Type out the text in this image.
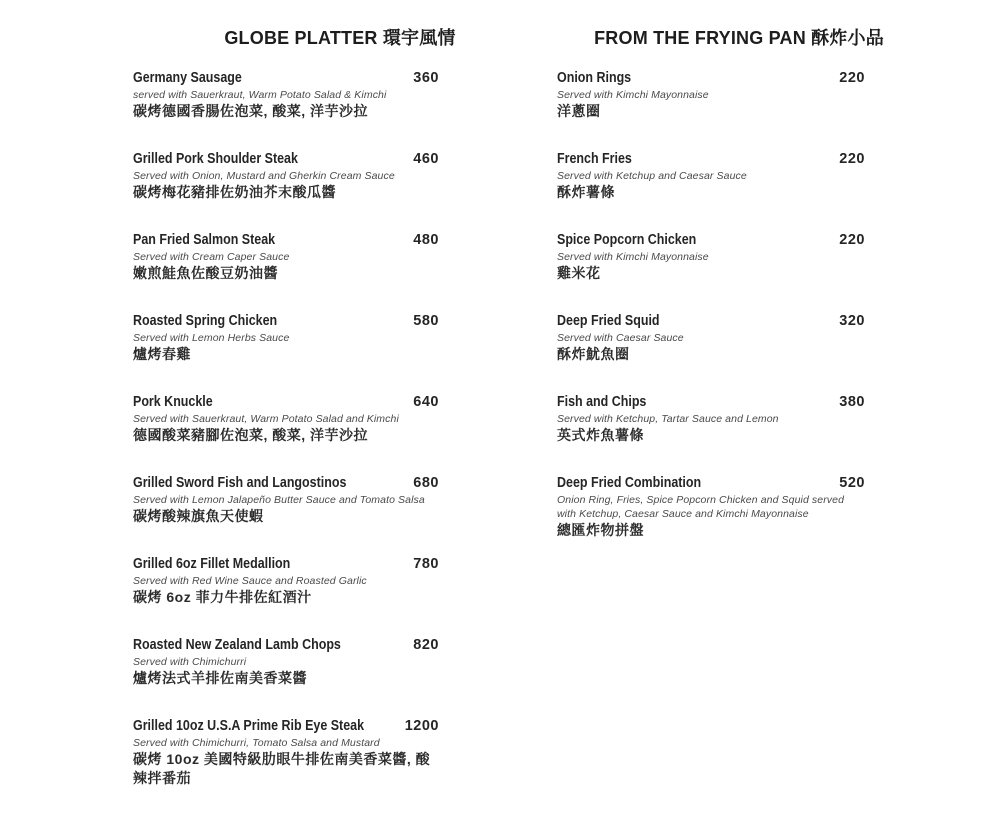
GLOBE PLATTER 環宇風情
Germany Sausage	360
served with Sauerkraut, Warm Potato Salad & Kimchi
碳烤德國香腸佐泡菜, 酸菜, 洋芋沙拉
Grilled Pork Shoulder Steak	460
Served with Onion, Mustard and Gherkin Cream Sauce
碳烤梅花豬排佐奶油芥末酸瓜醬
Pan Fried Salmon Steak	480
Served with Cream Caper Sauce
嫩煎鮭魚佐酸豆奶油醬
Roasted Spring Chicken	580
Served with Lemon Herbs Sauce
爐烤春雞
Pork Knuckle	640
Served with Sauerkraut, Warm Potato Salad and Kimchi
德國酸菜豬腳佐泡菜, 酸菜, 洋芋沙拉
Grilled Sword Fish and Langostinos	680
Served with Lemon Jalapeño Butter Sauce and Tomato Salsa
碳烤酸辣旗魚天使蝦
Grilled 6oz Fillet Medallion	780
Served with Red Wine Sauce and Roasted Garlic
碳烤 6oz 菲力牛排佐紅酒汁
Roasted New Zealand Lamb Chops	820
Served with Chimichurri
爐烤法式羊排佐南美香菜醬
Grilled 10oz U.S.A Prime Rib Eye Steak	1200
Served with Chimichurri, Tomato Salsa and Mustard
碳烤 10oz 美國特級肋眼牛排佐南美香菜醬, 酸辣拌番茄
FROM THE FRYING PAN 酥炸小品
Onion Rings	220
Served with Kimchi Mayonnaise
洋蔥圈
French Fries	220
Served with Ketchup and Caesar Sauce
酥炸薯條
Spice Popcorn Chicken	220
Served with Kimchi Mayonnaise
雞米花
Deep Fried Squid	320
Served with Caesar Sauce
酥炸魷魚圈
Fish and Chips	380
Served with Ketchup, Tartar Sauce and Lemon
英式炸魚薯條
Deep Fried Combination	520
Onion Ring, Fries, Spice Popcorn Chicken and Squid served with Ketchup, Caesar Sauce and Kimchi Mayonnaise
總匯炸物拼盤
